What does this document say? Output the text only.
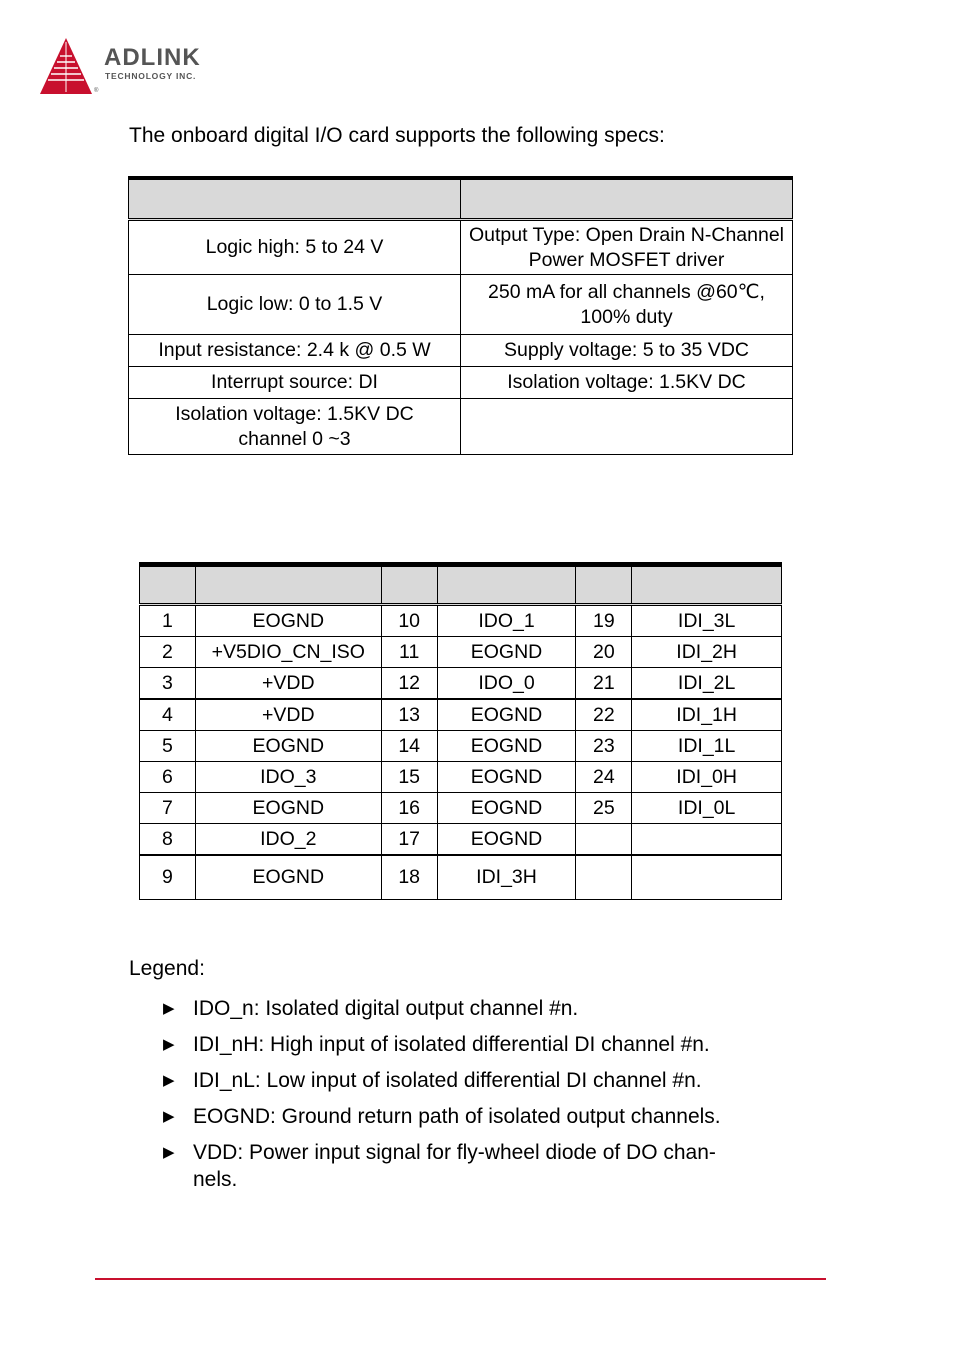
ADLINK
TECHNOLOGY INC.
®
The onboard digital I/O card supports the following specs:

Logic high: 5 to 24 V	Output Type: Open Drain N-Channel Power MOSFET driver
Logic low: 0 to 1.5 V	250 mA for all channels @60℃, 100% duty
Input resistance: 2.4 k @ 0.5 W	Supply voltage: 5 to 35 VDC
Interrupt source: DI	Isolation voltage: 1.5KV DC
Isolation voltage: 1.5KV DC channel 0 ~3	

1	EOGND	10	IDO_1	19	IDI_3L
2	+V5DIO_CN_ISO	11	EOGND	20	IDI_2H
3	+VDD	12	IDO_0	21	IDI_2L
4	+VDD	13	EOGND	22	IDI_1H
5	EOGND	14	EOGND	23	IDI_1L
6	IDO_3	15	EOGND	24	IDI_0H
7	EOGND	16	EOGND	25	IDI_0L
8	IDO_2	17	EOGND		
9	EOGND	18	IDI_3H		
Legend:
▶ IDO_n: Isolated digital output channel #n.
▶ IDI_nH: High input of isolated differential DI channel #n.
▶ IDI_nL: Low input of isolated differential DI channel #n.
▶ EOGND: Ground return path of isolated output channels.
▶ VDD: Power input signal for fly-wheel diode of DO chan-nels.
